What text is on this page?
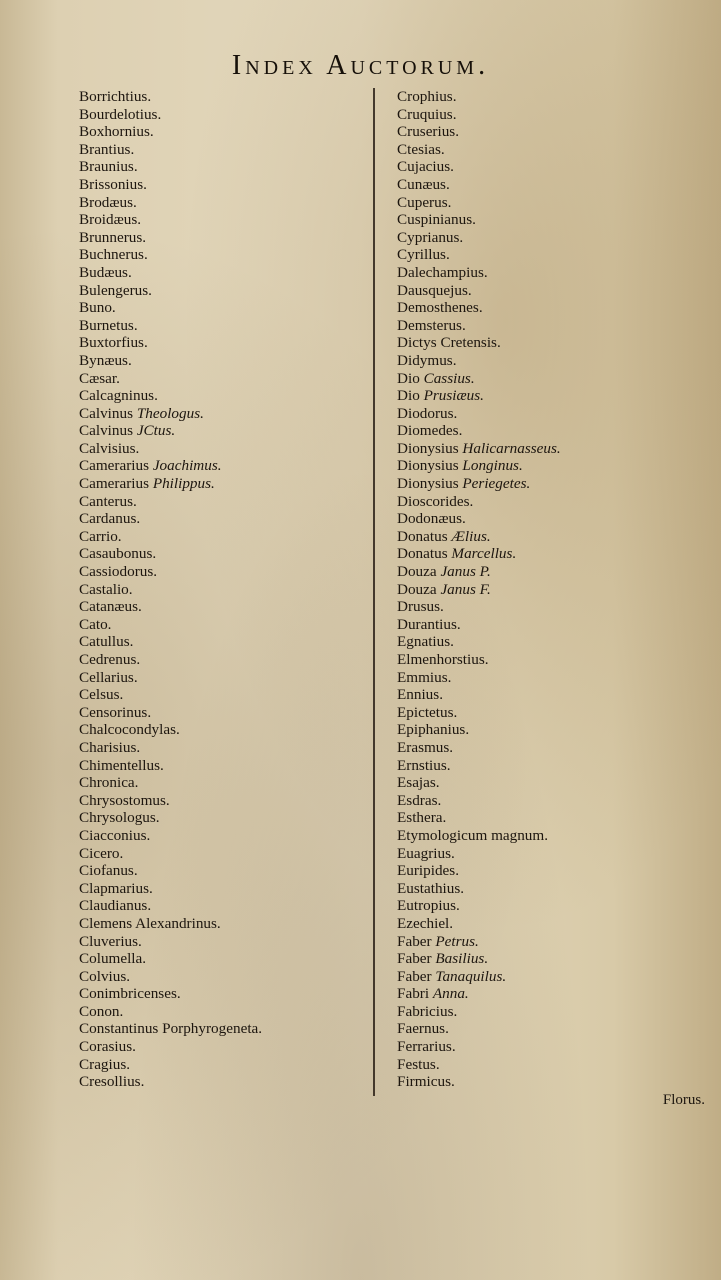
Index Auctorum.
Borrichtius.
Bourdelotius.
Boxhornius.
Brantius.
Braunius.
Brissonius.
Brodæus.
Broidæus.
Brunnerus.
Buchnerus.
Budæus.
Bulengerus.
Buno.
Burnetus.
Buxtorfius.
Bynæus.
Cæsar.
Calcagninus.
Calvinus Theologus.
Calvinus JCtus.
Calvisius.
Camerarius Joachimus.
Camerarius Philippus.
Canterus.
Cardanus.
Carrio.
Casaubonus.
Cassiodorus.
Castalio.
Catanæus.
Cato.
Catullus.
Cedrenus.
Cellarius.
Celsus.
Censorinus.
Chalcocondylas.
Charisius.
Chimentellus.
Chronica.
Chrysostomus.
Chrysologus.
Ciacconius.
Cicero.
Ciofanus.
Clapmarius.
Claudianus.
Clemens Alexandrinus.
Cluverius.
Columella.
Colvius.
Conimbricenses.
Conon.
Constantinus Porphyrogeneta.
Corasius.
Cragius.
Cresollius.
Crophius.
Cruquius.
Cruserius.
Ctesias.
Cujacius.
Cunæus.
Cuperus.
Cuspinianus.
Cyprianus.
Cyrillus.
Dalechampius.
Dausquejus.
Demosthenes.
Demsterus.
Dictys Cretensis.
Didymus.
Dio Cassius.
Dio Prusiæus.
Diodorus.
Diomedes.
Dionysius Halicarnasseus.
Dionysius Longinus.
Dionysius Periegetes.
Dioscorides.
Dodonæus.
Donatus Ælius.
Donatus Marcellus.
Douza Janus P.
Douza Janus F.
Drusus.
Durantius.
Egnatius.
Elmenhorstius.
Emmius.
Ennius.
Epictetus.
Epiphanius.
Erasmus.
Ernstius.
Esajas.
Esdras.
Esthera.
Etymologicum magnum.
Euagrius.
Euripides.
Eustathius.
Eutropius.
Ezechiel.
Faber Petrus.
Faber Basilius.
Faber Tanaquilus.
Fabri Anna.
Fabricius.
Faernus.
Ferrarius.
Festus.
Firmicus.
Florus.
